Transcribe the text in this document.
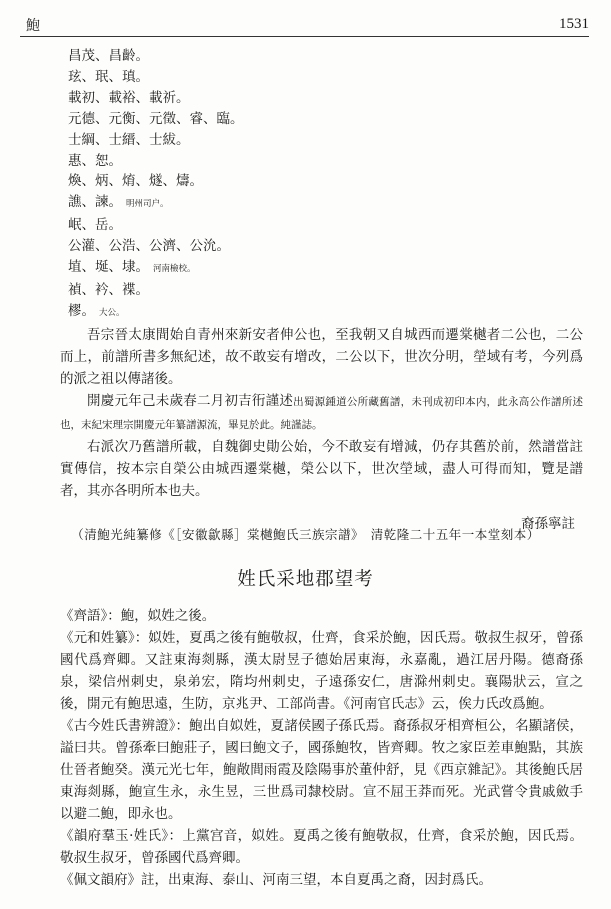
鮑	1531
昌茂、昌齡。
玹、珉、瑱。
載初、載裕、載祈。
元德、元衡、元徵、睿、臨。
士綱、士縉、士紱。
惠、恕。
煥、炳、焴、燧、燽。
譙、諫。 明州司户。
岷、岳。
公灌、公浩、公濟、公沇。
埴、埏、埭。 河南檢校。
禎、衿、褋。
樛。 大公。

吾宗晉太康間始自青州來新安者伸公也，至我朝又自城西而遷棠樾者二公也，二公而上，前譜所書多無紀述，故不敢妄有增改，二公以下，世次分明，塋域有考，今列爲的派之祖以傳諸後。

開慶元年己未歲春二月初吉衎謹述出蜀源鍾道公所藏舊譜，未刊成初印本内，此永高公作譜所述也，末紀宋理宗開慶元年纂譜源流，畢見於此。純謹誌。

右派次乃舊譜所載，自魏御史勛公始，今不敢妄有增減，仍存其舊於前，然譜當註實傳信，按本宗自榮公由城西遷棠樾，榮公以下，世次塋域，盡人可得而知，覽是譜者，其亦各明所本也夫。

裔孫寧註
（清鮑光純纂修《［安徽歙縣］棠樾鮑氏三族宗譜》　清乾隆二十五年一本堂刻本）
姓氏采地郡望考

《齊語》：鮑，姒姓之後。

《元和姓纂》：姒姓，夏禹之後有鮑敬叔，仕齊，食采於鮑，因氏焉。敬叔生叔牙，曾孫國代爲齊卿。又註東海剡縣，漢太尉昱子德始居東海，永嘉亂，過江居丹陽。德裔孫泉，梁信州刺史，泉弟宏，隋均州刺史，子遠孫安仁，唐滁州刺史。襄陽狀云，宣之後，開元有鮑思遠，生防，京兆尹、工部尚書。《河南官氏志》云，俟力氏改爲鮑。

《古今姓氏書辨證》：鮑出自姒姓，夏諸侯國子孫氏焉。裔孫叔牙相齊桓公，名顯諸侯，謚曰共。曾孫牽曰鮑莊子，國曰鮑文子，國孫鮑牧，皆齊卿。牧之家臣差車鮑點，其族仕晉者鮑癸。漢元光七年，鮑敞間雨霞及陰陽事於董仲舒，見《西京雜記》。其後鮑氏居東海剡縣，鮑宣生永，永生昱，三世爲司隸校尉。宣不屈王莽而死。光武嘗令貴戚斂手以避二鮑，即永也。

《韻府羣玉·姓氏》：上黨宫音，姒姓。夏禹之後有鮑敬叔，仕齊，食采於鮑，因氏焉。敬叔生叔牙，曾孫國代爲齊卿。

《佩文韻府》註，出東海、泰山、河南三望，本自夏禹之裔，因封爲氏。
